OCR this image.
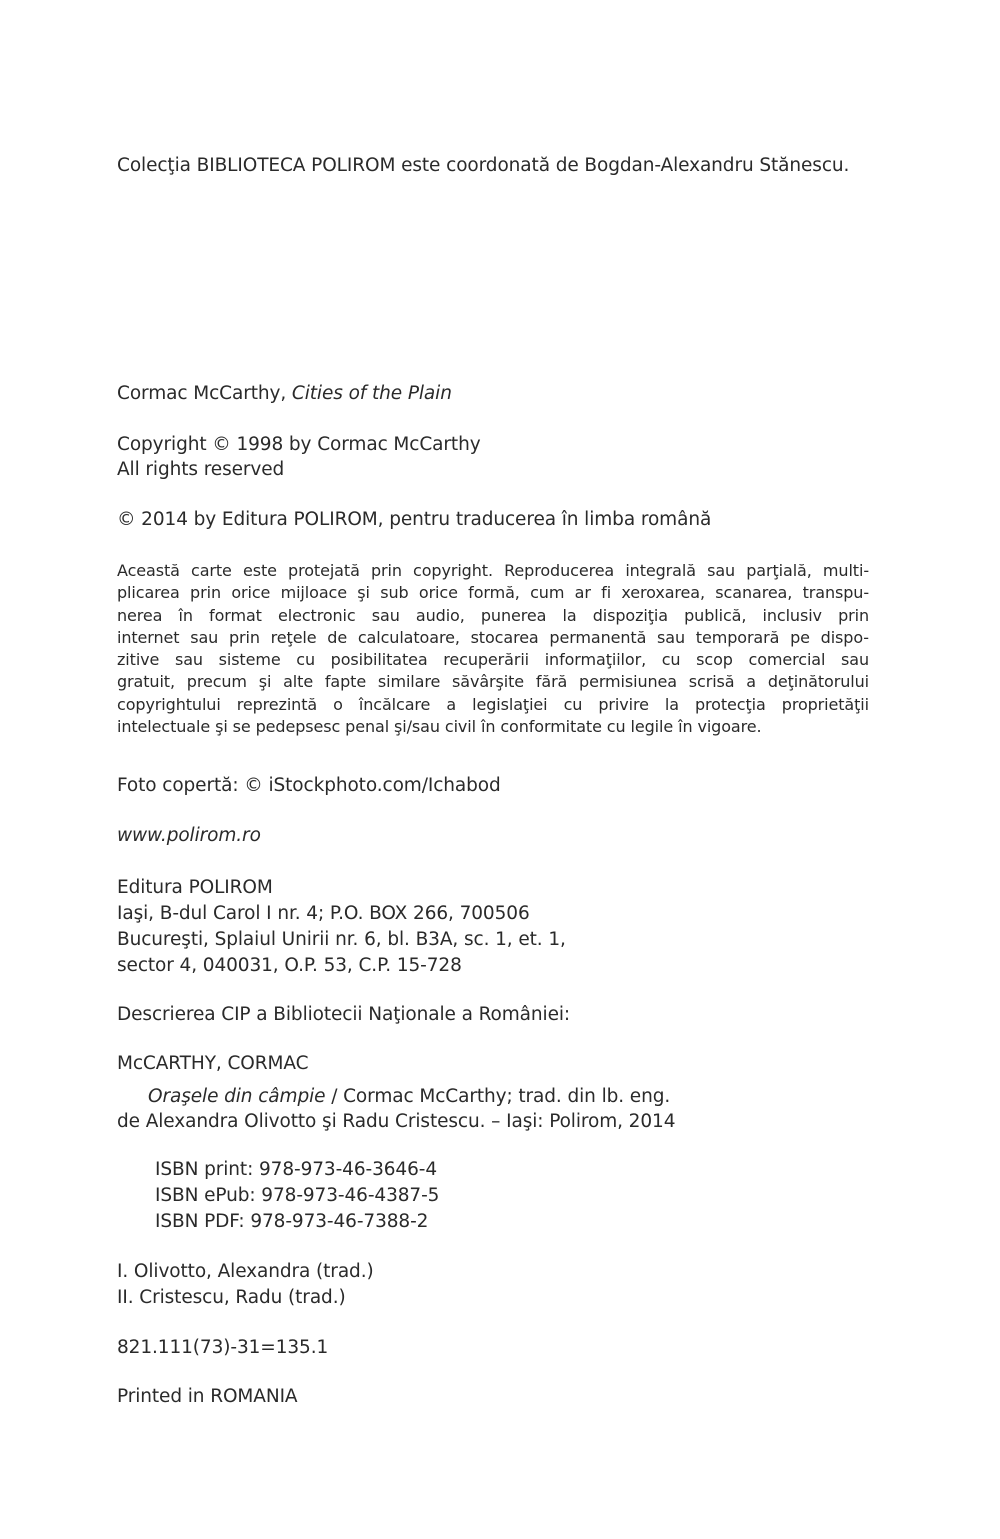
Colecţia BIBLIOTECA POLIROM este coordonată de Bogdan-Alexandru Stănescu.
Cormac McCarthy, Cities of the Plain
Copyright © 1998 by Cormac McCarthy
All rights reserved
© 2014 by Editura POLIROM, pentru traducerea în limba română
Această carte este protejată prin copyright. Reproducerea integrală sau parţială, multi-
plicarea prin orice mijloace şi sub orice formă, cum ar fi xeroxarea, scanarea, transpu-
nerea în format electronic sau audio, punerea la dispoziţia publică, inclusiv prin
internet sau prin reţele de calculatoare, stocarea permanentă sau temporară pe dispo-
zitive sau sisteme cu posibilitatea recuperării informaţiilor, cu scop comercial sau
gratuit, precum şi alte fapte similare săvârşite fără permisiunea scrisă a deţinătorului
copyrightului reprezintă o încălcare a legislaţiei cu privire la protecţia proprietăţii
intelectuale şi se pedepsesc penal şi/sau civil în conformitate cu legile în vigoare.
Foto copertă: © iStockphoto.com/Ichabod
www.polirom.ro
Editura POLIROM
Iaşi, B-dul Carol I nr. 4; P.O. BOX 266, 700506
Bucureşti, Splaiul Unirii nr. 6, bl. B3A, sc. 1, et. 1,
sector 4, 040031, O.P. 53, C.P. 15-728
Descrierea CIP a Bibliotecii Naţionale a României:
McCARTHY, CORMAC
Oraşele din câmpie / Cormac McCarthy; trad. din lb. eng.
de Alexandra Olivotto şi Radu Cristescu. – Iaşi: Polirom, 2014
ISBN print: 978-973-46-3646-4
ISBN ePub: 978-973-46-4387-5
ISBN PDF: 978-973-46-7388-2
I. Olivotto, Alexandra (trad.)
II. Cristescu, Radu (trad.)
821.111(73)-31=135.1
Printed in ROMANIA
